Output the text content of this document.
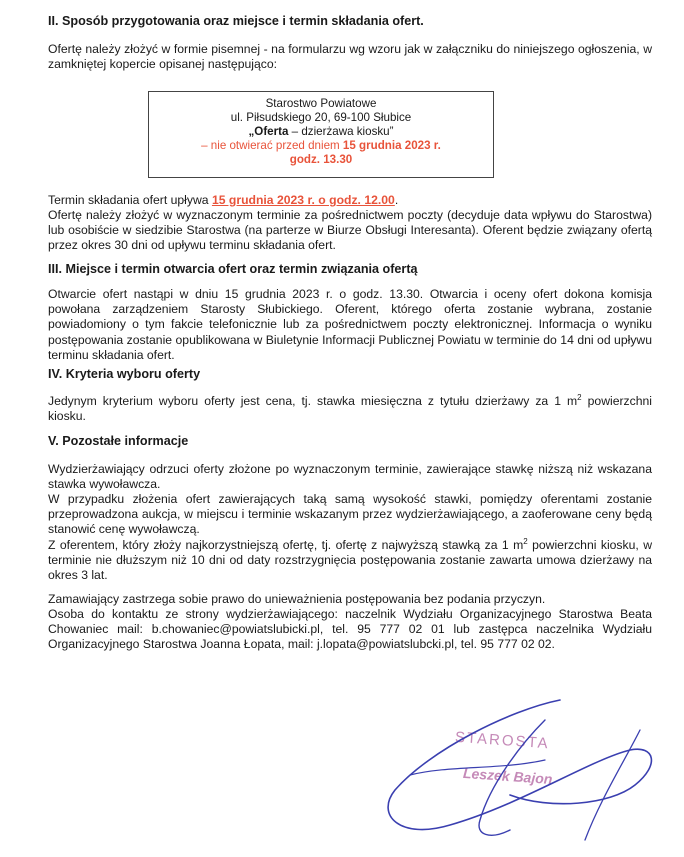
II. Sposób przygotowania oraz miejsce i termin składania ofert.
Ofertę należy złożyć w formie pisemnej - na formularzu wg wzoru jak w załączniku do niniejszego ogłoszenia, w zamkniętej kopercie opisanej następująco:
Starostwo Powiatowe
ul. Piłsudskiego 20, 69-100 Słubice
„Oferta – dzierżawa kiosku”
– nie otwierać przed dniem 15 grudnia 2023 r.
godz. 13.30
Termin składania ofert upływa 15 grudnia 2023 r. o godz. 12.00.
Ofertę należy złożyć w wyznaczonym terminie za pośrednictwem poczty (decyduje data wpływu do Starostwa) lub osobiście w siedzibie Starostwa (na parterze w Biurze Obsługi Interesanta). Oferent będzie związany ofertą przez okres 30 dni od upływu terminu składania ofert.
III. Miejsce i termin otwarcia ofert oraz termin związania ofertą
Otwarcie ofert nastąpi w dniu 15 grudnia 2023 r. o godz. 13.30. Otwarcia i oceny ofert dokona komisja powołana zarządzeniem Starosty Słubickiego. Oferent, którego oferta zostanie wybrana, zostanie powiadomiony o tym fakcie telefonicznie lub za pośrednictwem poczty elektronicznej. Informacja o wyniku postępowania zostanie opublikowana w Biuletynie Informacji Publicznej Powiatu w terminie do 14 dni od upływu terminu składania ofert.
IV. Kryteria wyboru oferty
Jedynym kryterium wyboru oferty jest cena, tj. stawka miesięczna z tytułu dzierżawy za 1 $m^2$ powierzchni kiosku.
V. Pozostałe informacje
Wydzierżawiający odrzuci oferty złożone po wyznaczonym terminie, zawierające stawkę niższą niż wskazana stawka wywoławcza.
W przypadku złożenia ofert zawierających taką samą wysokość stawki, pomiędzy oferentami zostanie przeprowadzona aukcja, w miejscu i terminie wskazanym przez wydzierżawiającego, a zaoferowane ceny będą stanowić cenę wywoławczą.
Z oferentem, który złoży najkorzystniejszą ofertę, tj. ofertę z najwyższą stawką za 1 $m^2$ powierzchni kiosku, w terminie nie dłuższym niż 10 dni od daty rozstrzygnięcia postępowania zostanie zawarta umowa dzierżawy na okres 3 lat.
Zamawiający zastrzega sobie prawo do unieważnienia postępowania bez podania przyczyn.
Osoba do kontaktu ze strony wydzierżawiającego: naczelnik Wydziału Organizacyjnego Starostwa Beata Chowaniec mail: b.chowaniec@powiatslubicki.pl, tel. 95 777 02 01 lub zastępca naczelnika Wydziału Organizacyjnego Starostwa Joanna Łopata, mail: j.lopata@powiatslubcki.pl, tel. 95 777 02 02.
STAROSTA
Leszek Bajon
